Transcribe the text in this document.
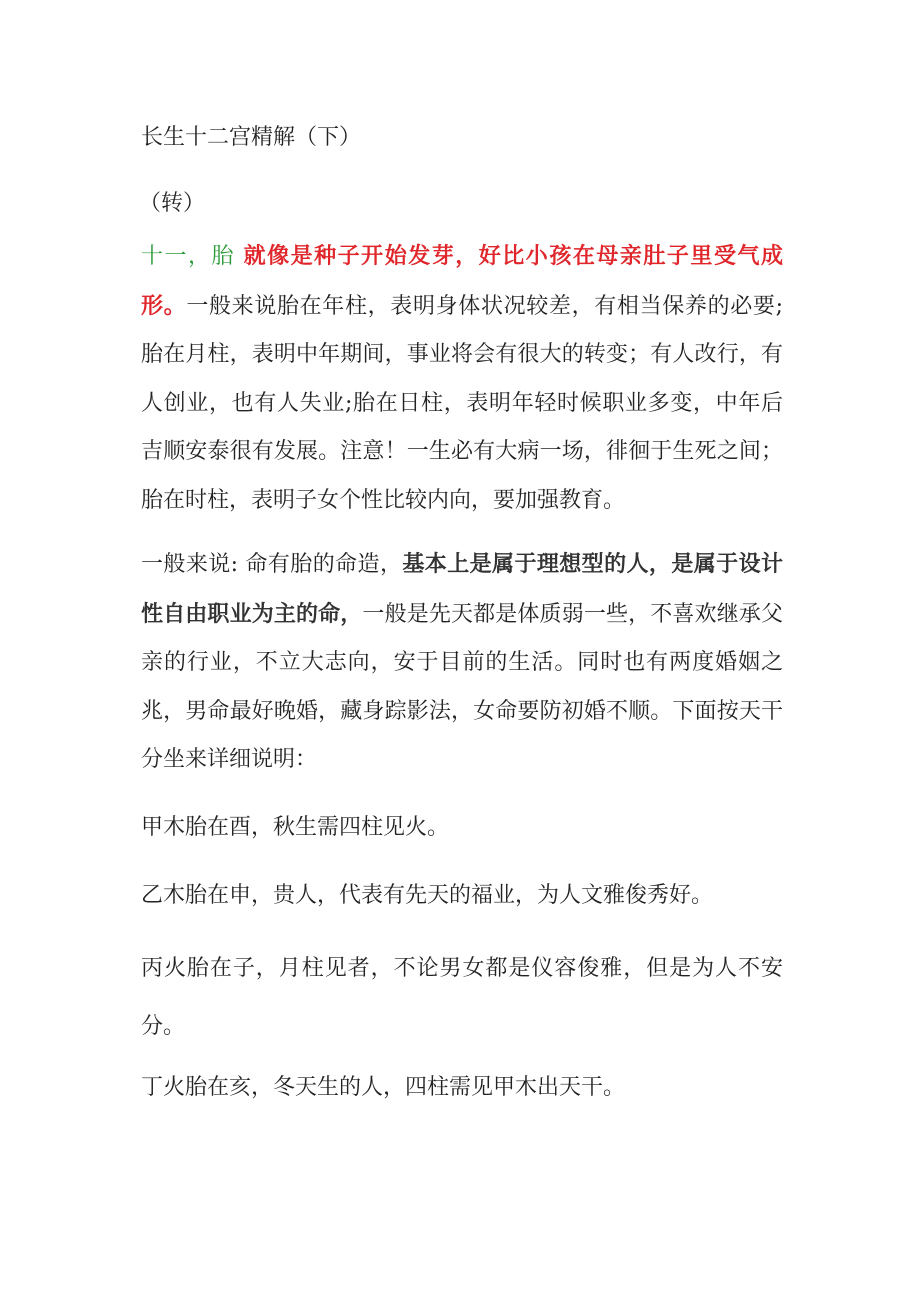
长生十二宫精解（下）
（转）

十一，胎 就像是种子开始发芽，好比小孩在母亲肚子里受气成形。一般来说胎在年柱，表明身体状况较差，有相当保养的必要;胎在月柱，表明中年期间，事业将会有很大的转变；有人改行，有人创业，也有人失业;胎在日柱，表明年轻时候职业多变，中年后吉顺安泰很有发展。注意！一生必有大病一场，徘徊于生死之间；胎在时柱，表明子女个性比较内向，要加强教育。

一般来说: 命有胎的命造，基本上是属于理想型的人，是属于设计性自由职业为主的命，一般是先天都是体质弱一些，不喜欢继承父亲的行业，不立大志向，安于目前的生活。同时也有两度婚姻之兆，男命最好晚婚，藏身踪影法，女命要防初婚不顺。下面按天干分坐来详细说明：

甲木胎在酉，秋生需四柱见火。
乙木胎在申，贵人，代表有先天的福业，为人文雅俊秀好。

丙火胎在子，月柱见者，不论男女都是仪容俊雅，但是为人不安分。

丁火胎在亥，冬天生的人，四柱需见甲木出天干。
